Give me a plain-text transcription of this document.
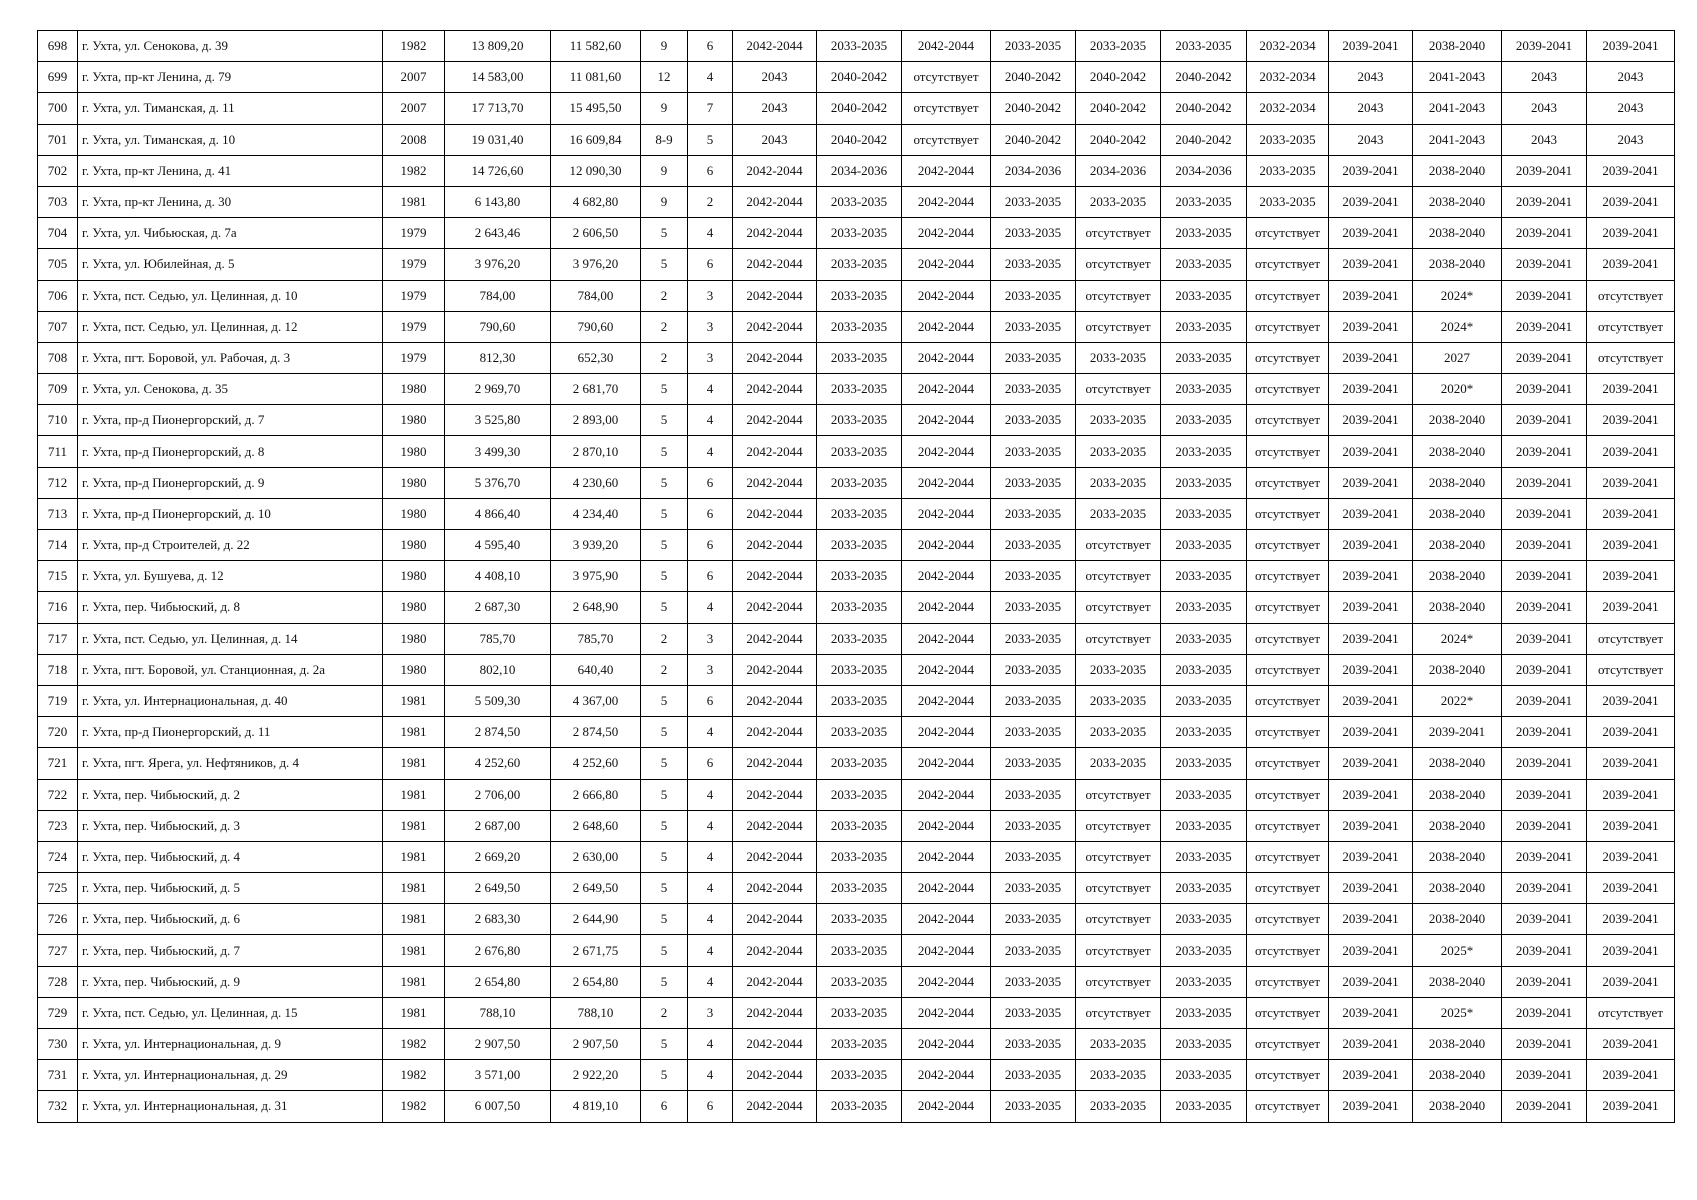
698	г. Ухта, ул. Сенокова, д. 39	1982	13 809,20	11 582,60	9	6	2042-2044	2033-2035	2042-2044	2033-2035	2033-2035	2033-2035	2032-2034	2039-2041	2038-2040	2039-2041	2039-2041
699	г. Ухта, пр-кт Ленина, д. 79	2007	14 583,00	11 081,60	12	4	2043	2040-2042	отсутствует	2040-2042	2040-2042	2040-2042	2032-2034	2043	2041-2043	2043	2043
700	г. Ухта, ул. Тиманская, д. 11	2007	17 713,70	15 495,50	9	7	2043	2040-2042	отсутствует	2040-2042	2040-2042	2040-2042	2032-2034	2043	2041-2043	2043	2043
701	г. Ухта, ул. Тиманская, д. 10	2008	19 031,40	16 609,84	8-9	5	2043	2040-2042	отсутствует	2040-2042	2040-2042	2040-2042	2033-2035	2043	2041-2043	2043	2043
702	г. Ухта, пр-кт Ленина, д. 41	1982	14 726,60	12 090,30	9	6	2042-2044	2034-2036	2042-2044	2034-2036	2034-2036	2034-2036	2033-2035	2039-2041	2038-2040	2039-2041	2039-2041
703	г. Ухта, пр-кт Ленина, д. 30	1981	6 143,80	4 682,80	9	2	2042-2044	2033-2035	2042-2044	2033-2035	2033-2035	2033-2035	2033-2035	2039-2041	2038-2040	2039-2041	2039-2041
704	г. Ухта, ул. Чибьюская, д. 7а	1979	2 643,46	2 606,50	5	4	2042-2044	2033-2035	2042-2044	2033-2035	отсутствует	2033-2035	отсутствует	2039-2041	2038-2040	2039-2041	2039-2041
705	г. Ухта, ул. Юбилейная, д. 5	1979	3 976,20	3 976,20	5	6	2042-2044	2033-2035	2042-2044	2033-2035	отсутствует	2033-2035	отсутствует	2039-2041	2038-2040	2039-2041	2039-2041
706	г. Ухта, пст. Седью, ул. Целинная, д. 10	1979	784,00	784,00	2	3	2042-2044	2033-2035	2042-2044	2033-2035	отсутствует	2033-2035	отсутствует	2039-2041	2024*	2039-2041	отсутствует
707	г. Ухта, пст. Седью, ул. Целинная, д. 12	1979	790,60	790,60	2	3	2042-2044	2033-2035	2042-2044	2033-2035	отсутствует	2033-2035	отсутствует	2039-2041	2024*	2039-2041	отсутствует
708	г. Ухта, пгт. Боровой, ул. Рабочая, д. 3	1979	812,30	652,30	2	3	2042-2044	2033-2035	2042-2044	2033-2035	2033-2035	2033-2035	отсутствует	2039-2041	2027	2039-2041	отсутствует
709	г. Ухта, ул. Сенокова, д. 35	1980	2 969,70	2 681,70	5	4	2042-2044	2033-2035	2042-2044	2033-2035	отсутствует	2033-2035	отсутствует	2039-2041	2020*	2039-2041	2039-2041
710	г. Ухта, пр-д Пионергорский, д. 7	1980	3 525,80	2 893,00	5	4	2042-2044	2033-2035	2042-2044	2033-2035	2033-2035	2033-2035	отсутствует	2039-2041	2038-2040	2039-2041	2039-2041
711	г. Ухта, пр-д Пионергорский, д. 8	1980	3 499,30	2 870,10	5	4	2042-2044	2033-2035	2042-2044	2033-2035	2033-2035	2033-2035	отсутствует	2039-2041	2038-2040	2039-2041	2039-2041
712	г. Ухта, пр-д Пионергорский, д. 9	1980	5 376,70	4 230,60	5	6	2042-2044	2033-2035	2042-2044	2033-2035	2033-2035	2033-2035	отсутствует	2039-2041	2038-2040	2039-2041	2039-2041
713	г. Ухта, пр-д Пионергорский, д. 10	1980	4 866,40	4 234,40	5	6	2042-2044	2033-2035	2042-2044	2033-2035	2033-2035	2033-2035	отсутствует	2039-2041	2038-2040	2039-2041	2039-2041
714	г. Ухта, пр-д Строителей, д. 22	1980	4 595,40	3 939,20	5	6	2042-2044	2033-2035	2042-2044	2033-2035	отсутствует	2033-2035	отсутствует	2039-2041	2038-2040	2039-2041	2039-2041
715	г. Ухта, ул. Бушуева, д. 12	1980	4 408,10	3 975,90	5	6	2042-2044	2033-2035	2042-2044	2033-2035	отсутствует	2033-2035	отсутствует	2039-2041	2038-2040	2039-2041	2039-2041
716	г. Ухта, пер. Чибьюский, д. 8	1980	2 687,30	2 648,90	5	4	2042-2044	2033-2035	2042-2044	2033-2035	отсутствует	2033-2035	отсутствует	2039-2041	2038-2040	2039-2041	2039-2041
717	г. Ухта, пст. Седью, ул. Целинная, д. 14	1980	785,70	785,70	2	3	2042-2044	2033-2035	2042-2044	2033-2035	отсутствует	2033-2035	отсутствует	2039-2041	2024*	2039-2041	отсутствует
718	г. Ухта, пгт. Боровой, ул. Станционная, д. 2а	1980	802,10	640,40	2	3	2042-2044	2033-2035	2042-2044	2033-2035	2033-2035	2033-2035	отсутствует	2039-2041	2038-2040	2039-2041	отсутствует
719	г. Ухта, ул. Интернациональная, д. 40	1981	5 509,30	4 367,00	5	6	2042-2044	2033-2035	2042-2044	2033-2035	2033-2035	2033-2035	отсутствует	2039-2041	2022*	2039-2041	2039-2041
720	г. Ухта, пр-д Пионергорский, д. 11	1981	2 874,50	2 874,50	5	4	2042-2044	2033-2035	2042-2044	2033-2035	2033-2035	2033-2035	отсутствует	2039-2041	2039-2041	2039-2041	2039-2041
721	г. Ухта, пгт. Ярега, ул. Нефтяников, д. 4	1981	4 252,60	4 252,60	5	6	2042-2044	2033-2035	2042-2044	2033-2035	2033-2035	2033-2035	отсутствует	2039-2041	2038-2040	2039-2041	2039-2041
722	г. Ухта, пер. Чибьюский, д. 2	1981	2 706,00	2 666,80	5	4	2042-2044	2033-2035	2042-2044	2033-2035	отсутствует	2033-2035	отсутствует	2039-2041	2038-2040	2039-2041	2039-2041
723	г. Ухта, пер. Чибьюский, д. 3	1981	2 687,00	2 648,60	5	4	2042-2044	2033-2035	2042-2044	2033-2035	отсутствует	2033-2035	отсутствует	2039-2041	2038-2040	2039-2041	2039-2041
724	г. Ухта, пер. Чибьюский, д. 4	1981	2 669,20	2 630,00	5	4	2042-2044	2033-2035	2042-2044	2033-2035	отсутствует	2033-2035	отсутствует	2039-2041	2038-2040	2039-2041	2039-2041
725	г. Ухта, пер. Чибьюский, д. 5	1981	2 649,50	2 649,50	5	4	2042-2044	2033-2035	2042-2044	2033-2035	отсутствует	2033-2035	отсутствует	2039-2041	2038-2040	2039-2041	2039-2041
726	г. Ухта, пер. Чибьюский, д. 6	1981	2 683,30	2 644,90	5	4	2042-2044	2033-2035	2042-2044	2033-2035	отсутствует	2033-2035	отсутствует	2039-2041	2038-2040	2039-2041	2039-2041
727	г. Ухта, пер. Чибьюский, д. 7	1981	2 676,80	2 671,75	5	4	2042-2044	2033-2035	2042-2044	2033-2035	отсутствует	2033-2035	отсутствует	2039-2041	2025*	2039-2041	2039-2041
728	г. Ухта, пер. Чибьюский, д. 9	1981	2 654,80	2 654,80	5	4	2042-2044	2033-2035	2042-2044	2033-2035	отсутствует	2033-2035	отсутствует	2039-2041	2038-2040	2039-2041	2039-2041
729	г. Ухта, пст. Седью, ул. Целинная, д. 15	1981	788,10	788,10	2	3	2042-2044	2033-2035	2042-2044	2033-2035	отсутствует	2033-2035	отсутствует	2039-2041	2025*	2039-2041	отсутствует
730	г. Ухта, ул. Интернациональная, д. 9	1982	2 907,50	2 907,50	5	4	2042-2044	2033-2035	2042-2044	2033-2035	2033-2035	2033-2035	отсутствует	2039-2041	2038-2040	2039-2041	2039-2041
731	г. Ухта, ул. Интернациональная, д. 29	1982	3 571,00	2 922,20	5	4	2042-2044	2033-2035	2042-2044	2033-2035	2033-2035	2033-2035	отсутствует	2039-2041	2038-2040	2039-2041	2039-2041
732	г. Ухта, ул. Интернациональная, д. 31	1982	6 007,50	4 819,10	6	6	2042-2044	2033-2035	2042-2044	2033-2035	2033-2035	2033-2035	отсутствует	2039-2041	2038-2040	2039-2041	2039-2041
